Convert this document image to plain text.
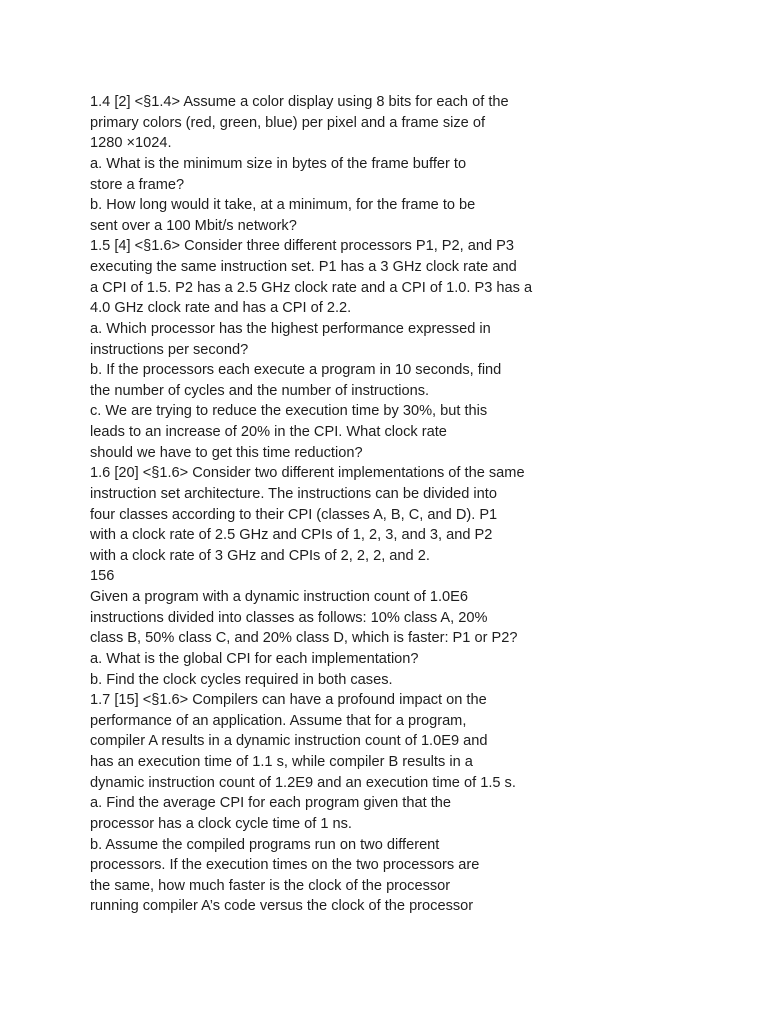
1.4 [2] <§1.4> Assume a color display using 8 bits for each of the
primary colors (red, green, blue) per pixel and a frame size of
1280 ×1024.
a. What is the minimum size in bytes of the frame buffer to
store a frame?
b. How long would it take, at a minimum, for the frame to be
sent over a 100 Mbit/s network?
1.5 [4] <§1.6> Consider three different processors P1, P2, and P3
executing the same instruction set. P1 has a 3 GHz clock rate and
a CPI of 1.5. P2 has a 2.5 GHz clock rate and a CPI of 1.0. P3 has a
4.0 GHz clock rate and has a CPI of 2.2.
a. Which processor has the highest performance expressed in
instructions per second?
b. If the processors each execute a program in 10 seconds, find
the number of cycles and the number of instructions.
c. We are trying to reduce the execution time by 30%, but this
leads to an increase of 20% in the CPI. What clock rate
should we have to get this time reduction?
1.6 [20] <§1.6> Consider two different implementations of the same
instruction set architecture. The instructions can be divided into
four classes according to their CPI (classes A, B, C, and D). P1
with a clock rate of 2.5 GHz and CPIs of 1, 2, 3, and 3, and P2
with a clock rate of 3 GHz and CPIs of 2, 2, 2, and 2.
156
Given a program with a dynamic instruction count of 1.0E6
instructions divided into classes as follows: 10% class A, 20%
class B, 50% class C, and 20% class D, which is faster: P1 or P2?
a. What is the global CPI for each implementation?
b. Find the clock cycles required in both cases.
1.7 [15] <§1.6> Compilers can have a profound impact on the
performance of an application. Assume that for a program,
compiler A results in a dynamic instruction count of 1.0E9 and
has an execution time of 1.1 s, while compiler B results in a
dynamic instruction count of 1.2E9 and an execution time of 1.5 s.
a. Find the average CPI for each program given that the
processor has a clock cycle time of 1 ns.
b. Assume the compiled programs run on two different
processors. If the execution times on the two processors are
the same, how much faster is the clock of the processor
running compiler A’s code versus the clock of the processor
